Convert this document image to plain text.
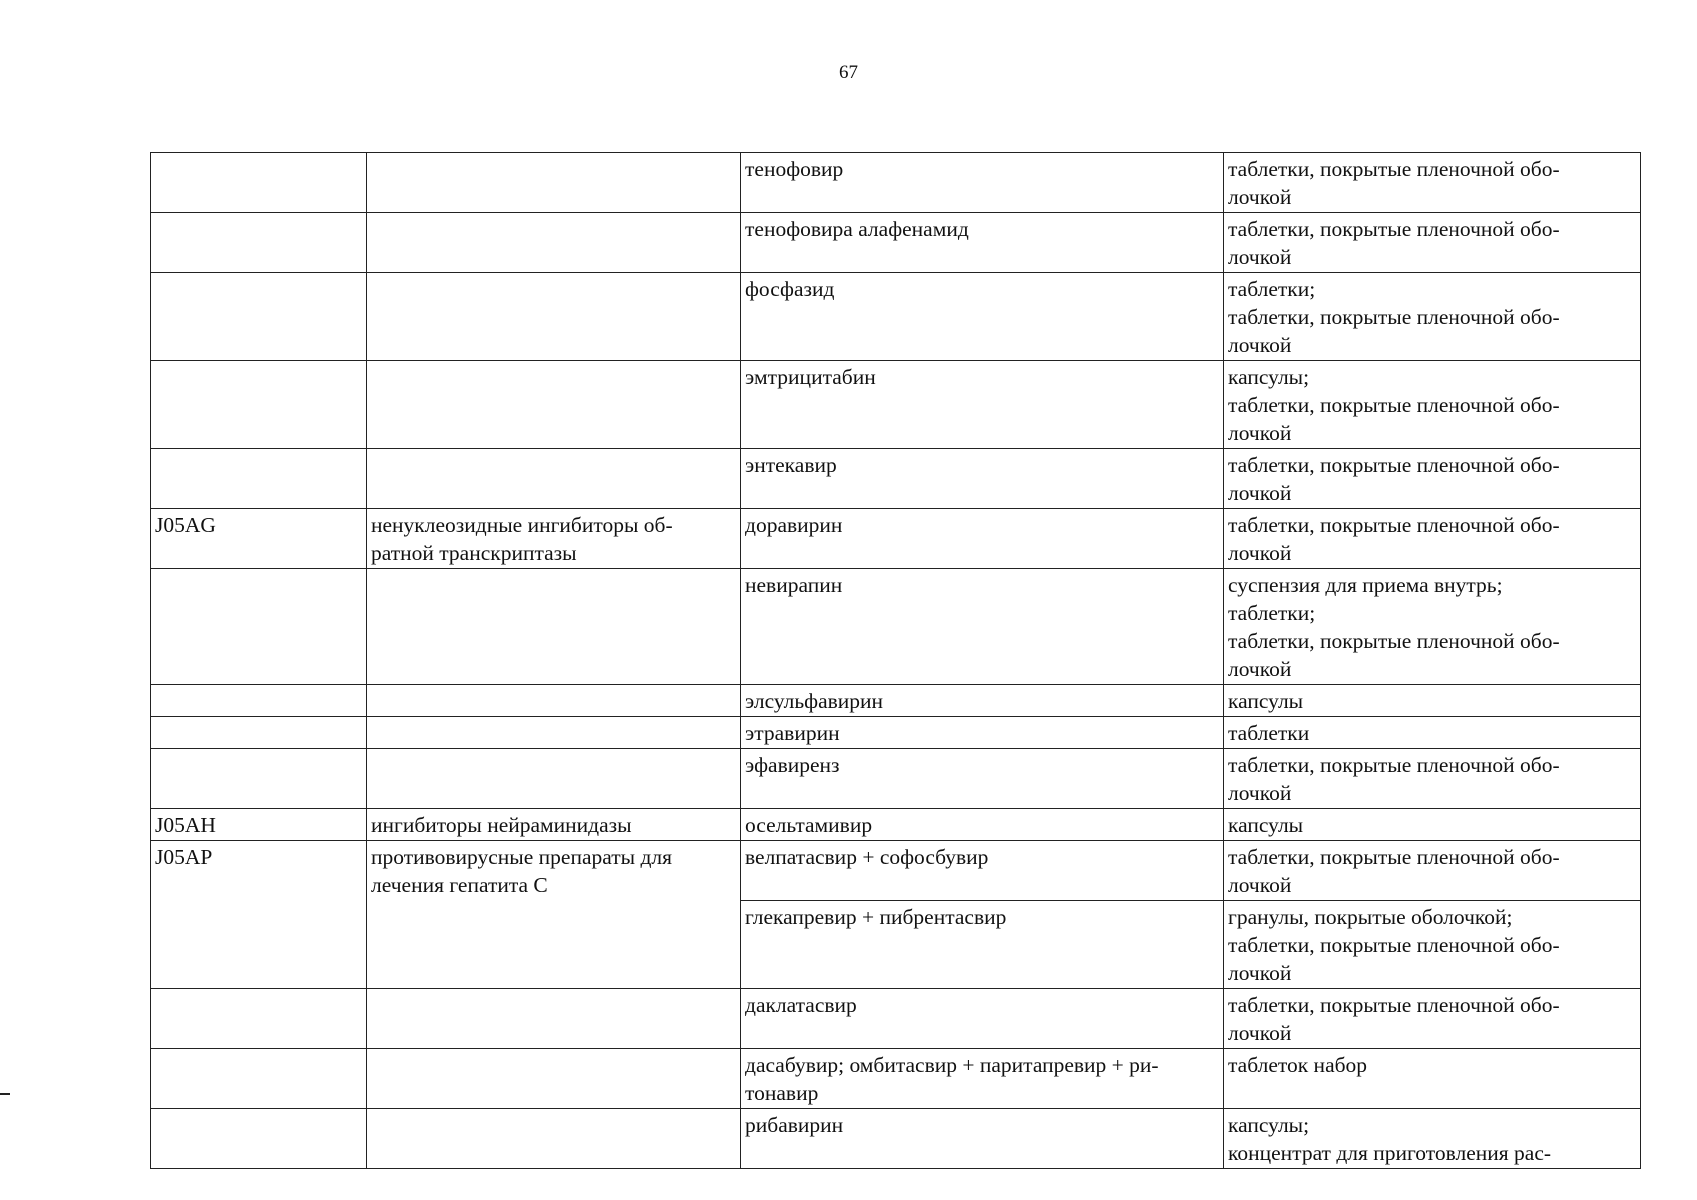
67

		тенофовир	таблетки, покрытые пленочной обо-
лочкой

		тенофовира алафенамид	таблетки, покрытые пленочной обо-
лочкой

		фосфазид	таблетки;
таблетки, покрытые пленочной обо-
лочкой

		эмтрицитабин	капсулы;
таблетки, покрытые пленочной обо-
лочкой

		энтекавир	таблетки, покрытые пленочной обо-
лочкой

J05AG	ненуклеозидные ингибиторы об-
ратной транскриптазы	доравирин	таблетки, покрытые пленочной обо-
лочкой

		невирапин	суспензия для приема внутрь;
таблетки;
таблетки, покрытые пленочной обо-
лочкой

		элсульфавирин	капсулы

		этравирин	таблетки

		эфавиренз	таблетки, покрытые пленочной обо-
лочкой

J05AH	ингибиторы нейраминидазы	осельтамивир	капсулы

J05AP	противовирусные препараты для
лечения гепатита С	велпатасвир + софосбувир	таблетки, покрытые пленочной обо-
лочкой

		глекапревир + пибрентасвир	гранулы, покрытые оболочкой;
таблетки, покрытые пленочной обо-
лочкой

		даклатасвир	таблетки, покрытые пленочной обо-
лочкой

		дасабувир; омбитасвир + паритапревир + ри-
тонавир	таблеток набор

		рибавирин	капсулы;
концентрат для приготовления рас-
